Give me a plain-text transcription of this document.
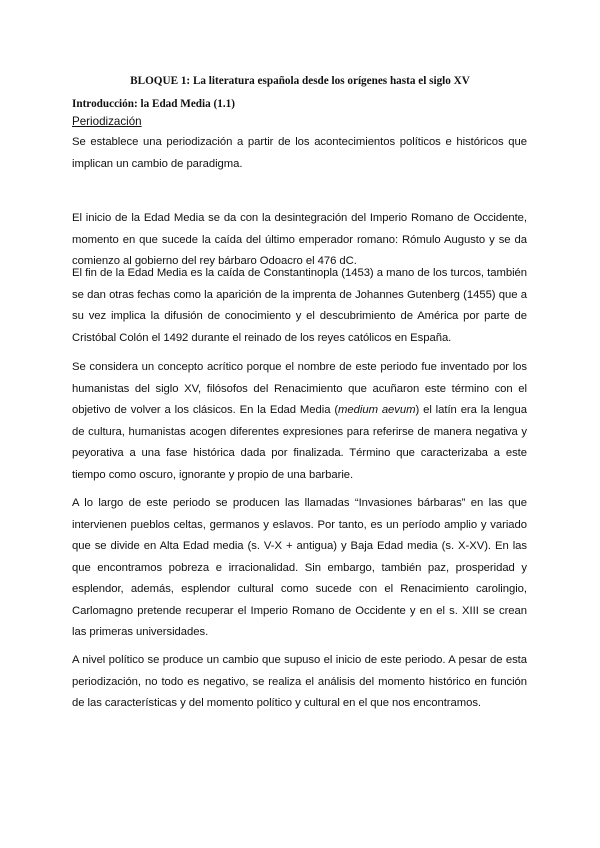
BLOQUE 1: La literatura española desde los orígenes hasta el siglo XV
Introducción: la Edad Media (1.1)
Periodización

Se establece una periodización a partir de los acontecimientos políticos e históricos que implican un cambio de paradigma.

El inicio de la Edad Media se da con la desintegración del Imperio Romano de Occidente, momento en que sucede la caída del último emperador romano: Rómulo Augusto y se da comienzo al gobierno del rey bárbaro Odoacro el 476 dC.

El fin de la Edad Media es la caída de Constantinopla (1453) a mano de los turcos, también se dan otras fechas como la aparición de la imprenta de Johannes Gutenberg (1455) que a su vez implica la difusión de conocimiento y el descubrimiento de América por parte de Cristóbal Colón el 1492 durante el reinado de los reyes católicos en España.

Se considera un concepto acrítico porque el nombre de este periodo fue inventado por los humanistas del siglo XV, filósofos del Renacimiento que acuñaron este término con el objetivo de volver a los clásicos. En la Edad Media (medium aevum) el latín era la lengua de cultura, humanistas acogen diferentes expresiones para referirse de manera negativa y peyorativa a una fase histórica dada por finalizada. Término que caracterizaba a este tiempo como oscuro, ignorante y propio de una barbarie.

A lo largo de este periodo se producen las llamadas “Invasiones bárbaras” en las que intervienen pueblos celtas, germanos y eslavos. Por tanto, es un período amplio y variado que se divide en Alta Edad media (s. V-X + antigua) y Baja Edad media (s. X-XV). En las que encontramos pobreza e irracionalidad. Sin embargo, también paz, prosperidad y esplendor, además, esplendor cultural como sucede con el Renacimiento carolingio, Carlomagno pretende recuperar el Imperio Romano de Occidente y en el s. XIII se crean las primeras universidades.

A nivel político se produce un cambio que supuso el inicio de este periodo. A pesar de esta periodización, no todo es negativo, se realiza el análisis del momento histórico en función de las características y del momento político y cultural en el que nos encontramos.
